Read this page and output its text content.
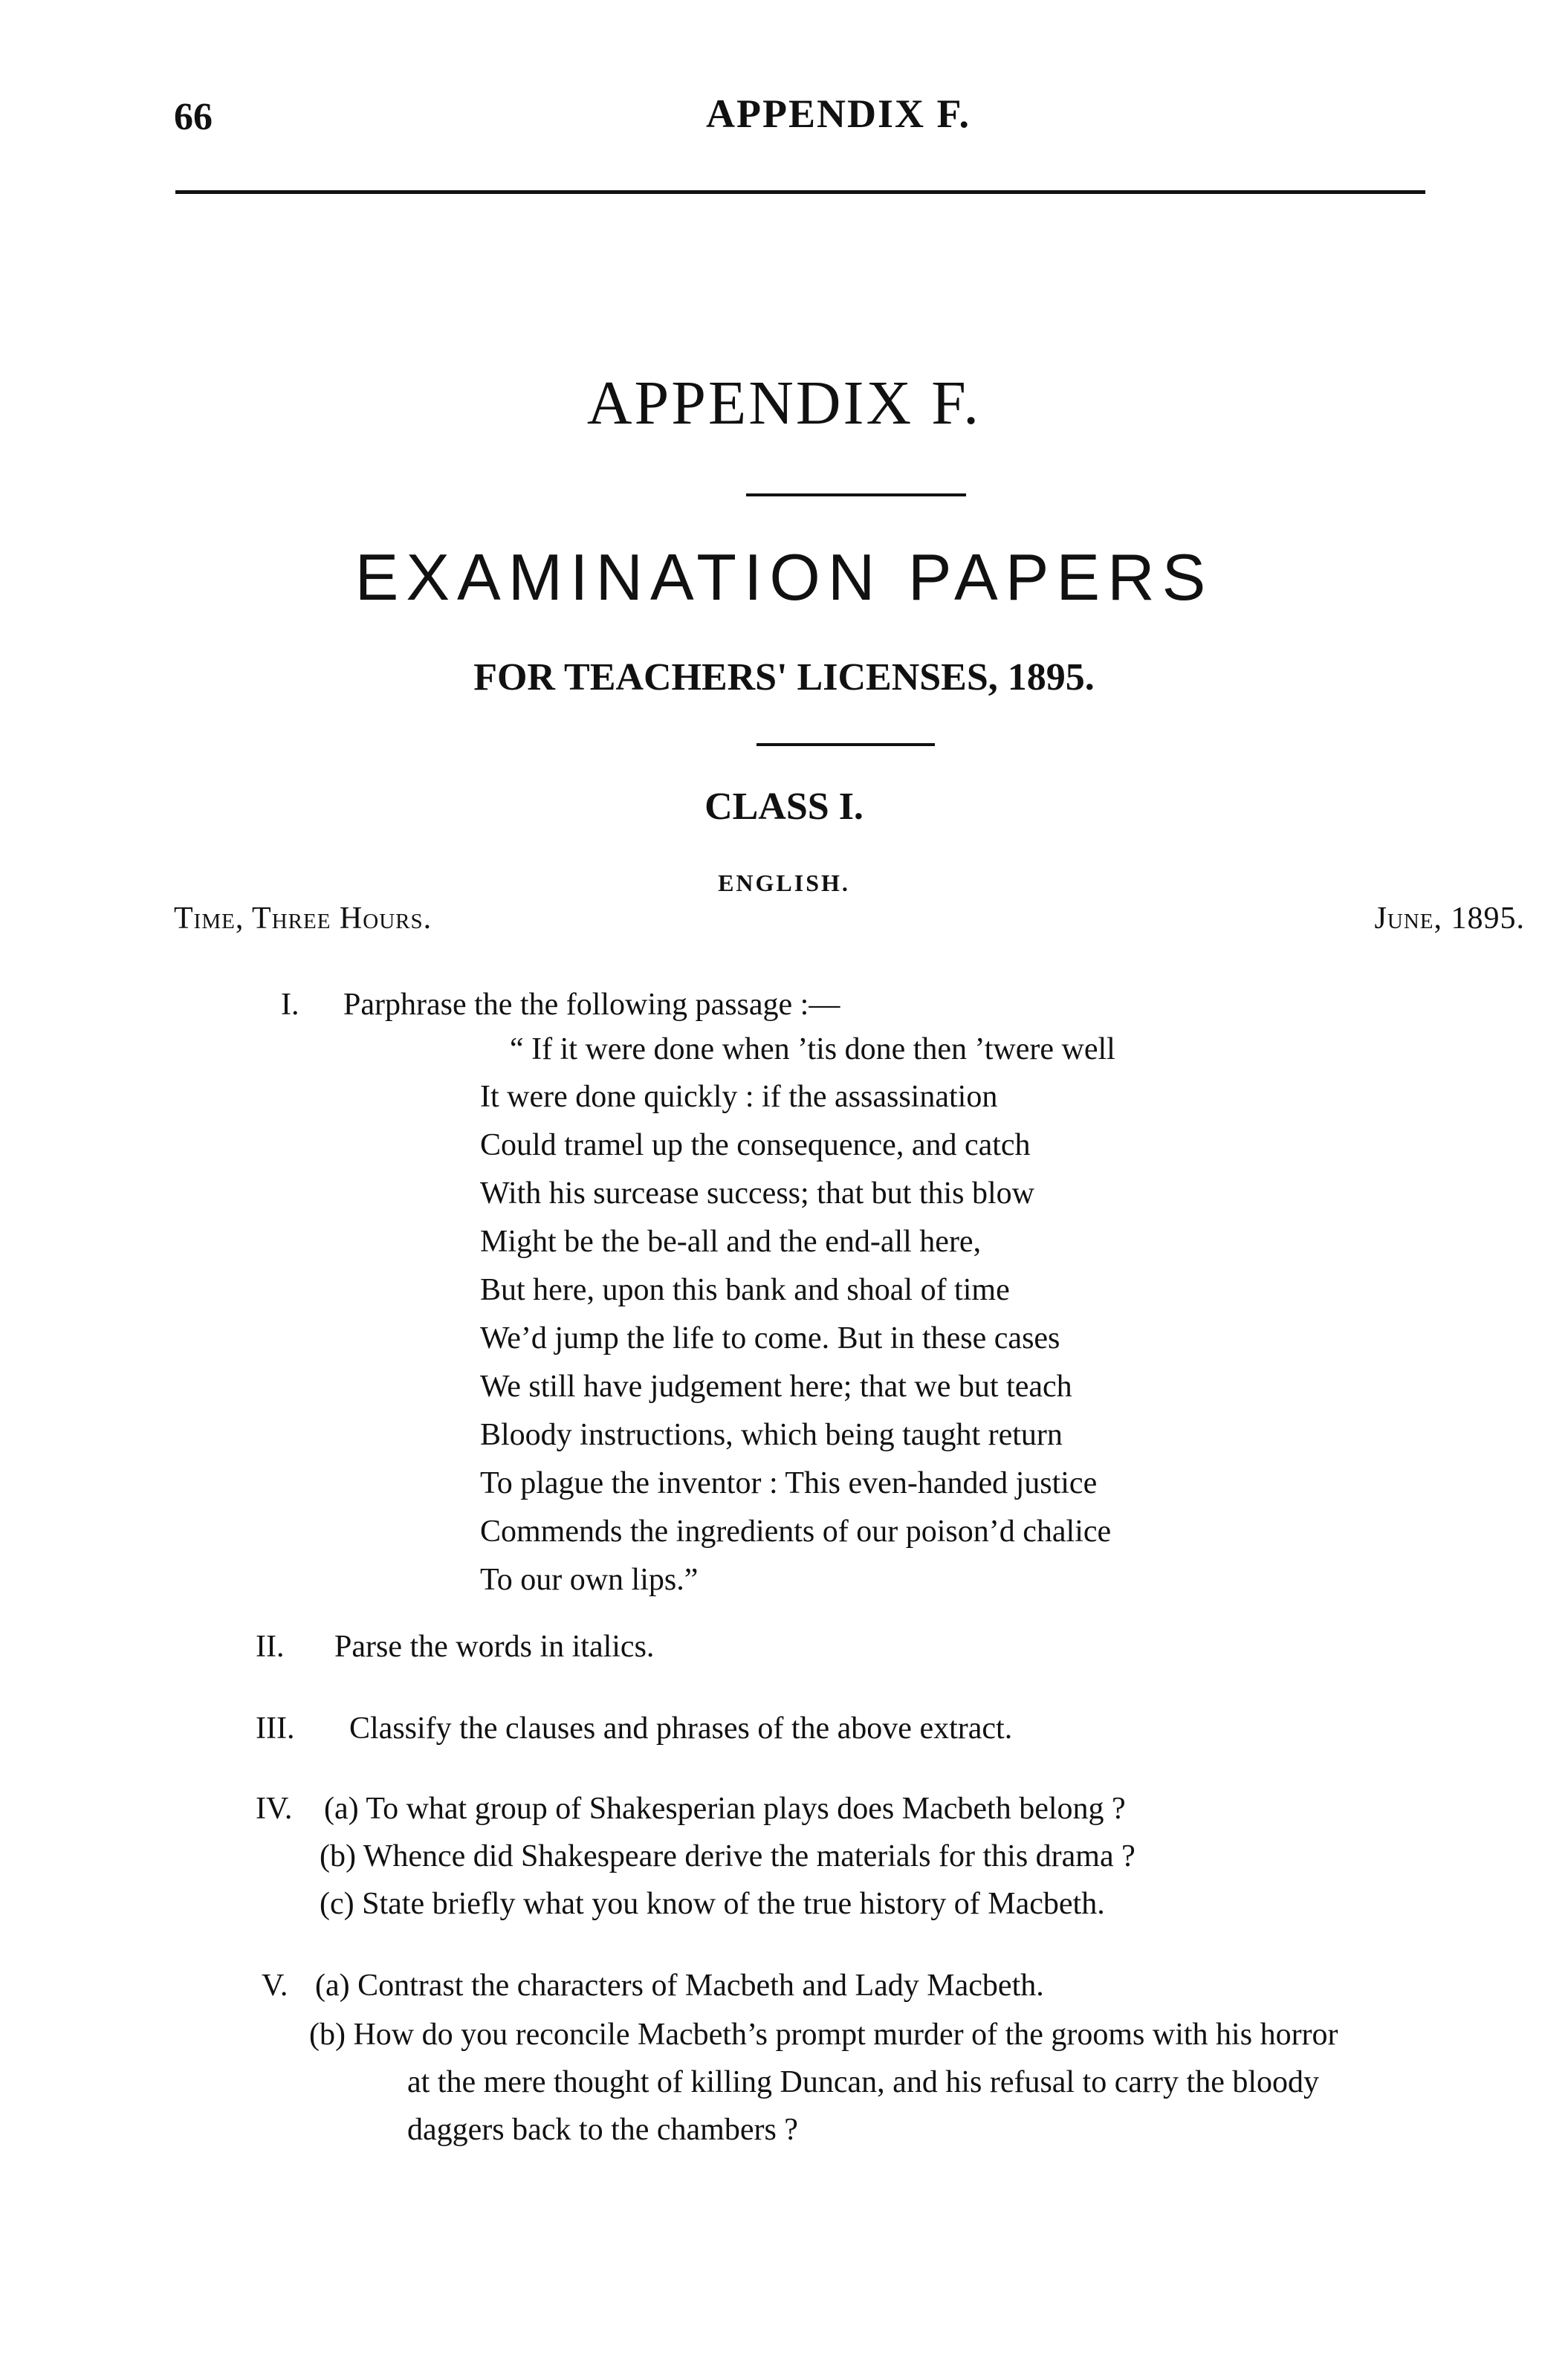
66	APPENDIX F.
APPENDIX F.
EXAMINATION PAPERS
FOR TEACHERS' LICENSES, 1895.
CLASS I.
ENGLISH.
Time, Three Hours.	June, 1895.
I. Parphrase the the following passage :—
“ If it were done when ’tis done then ’twere well
It were done quickly : if the assassination
Could tramel up the consequence, and catch
With his surcease success; that but this blow
Might be the be-all and the end-all here,
But here, upon this bank and shoal of time
We’d jump the life to come. But in these cases
We still have judgement here; that we but teach
Bloody instructions, which being taught return
To plague the inventor : This even-handed justice
Commends the ingredients of our poison’d chalice
To our own lips.”
II. Parse the words in italics.
III. Classify the clauses and phrases of the above extract.
IV. (a) To what group of Shakesperian plays does Macbeth belong ?
(b) Whence did Shakespeare derive the materials for this drama ?
(c) State briefly what you know of the true history of Macbeth.
V. (a) Contrast the characters of Macbeth and Lady Macbeth.
(b) How do you reconcile Macbeth’s prompt murder of the grooms with his horror
at the mere thought of killing Duncan, and his refusal to carry the bloody
daggers back to the chambers ?
